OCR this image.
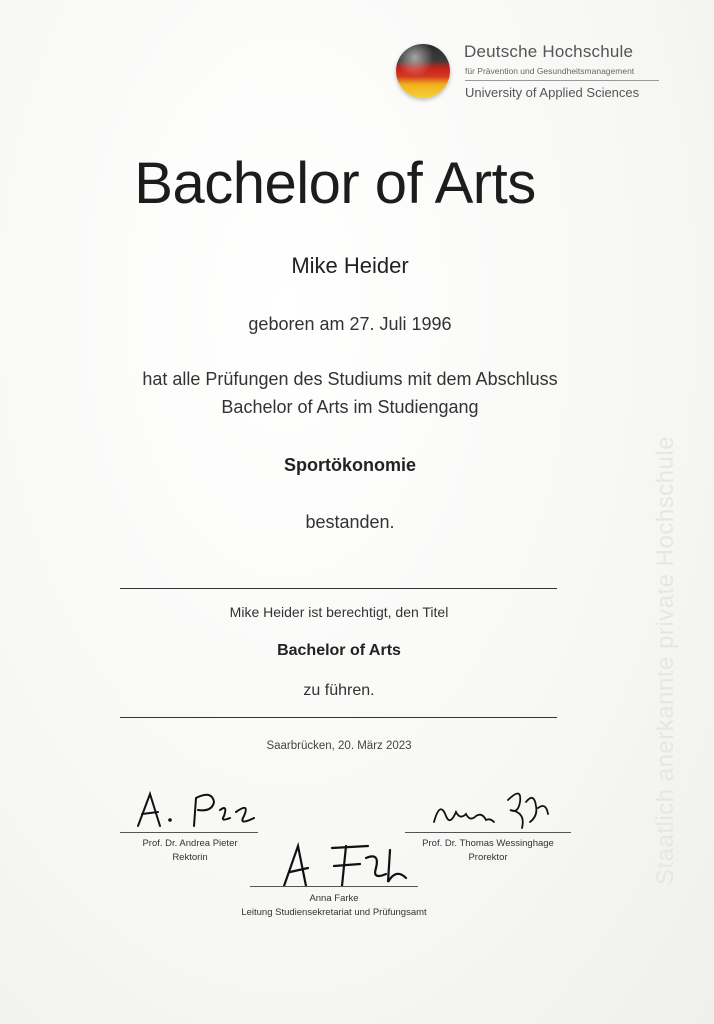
Deutsche Hochschule
für Prävention und Gesundheitsmanagement
University of Applied Sciences
Bachelor of Arts
Mike Heider
geboren am 27. Juli 1996
hat alle Prüfungen des Studiums mit dem Abschluss
Bachelor of Arts im Studiengang
Sportökonomie
bestanden.
Mike Heider ist berechtigt, den Titel
Bachelor of Arts
zu führen.
Saarbrücken, 20. März 2023
Prof. Dr. Andrea Pieter
Rektorin
Prof. Dr. Thomas Wessinghage
Prorektor
Anna Farke
Leitung Studiensekretariat und Prüfungsamt
Staatlich anerkannte private Hochschule
